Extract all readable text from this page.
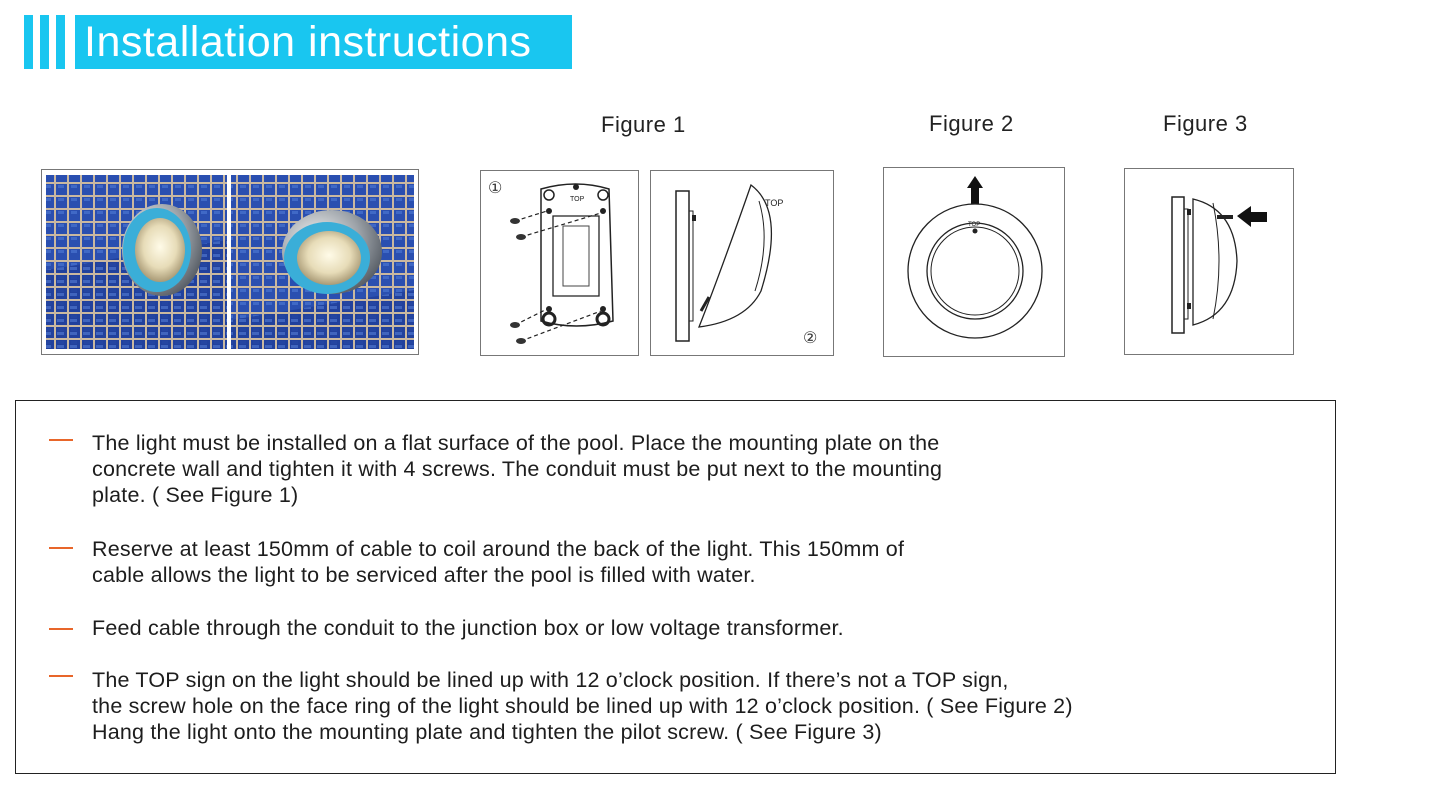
Installation instructions
Figure 1	Figure 2	Figure 3
①
TOP	TOP
②
TOP

The light must be installed on a flat surface of the pool. Place the mounting plate on the

concrete wall and tighten it with 4 screws. The conduit must be put next to the mounting

plate. ( See Figure 1)

Reserve at least 150mm of cable to coil around the back of the light. This 150mm of

cable allows the light to be serviced after the pool is filled with water.

Feed cable through the conduit to the junction box or low voltage transformer.

The TOP sign on the light should be lined up with 12 o’clock position. If there’s not a TOP sign,

the screw hole on the face ring of the light should be lined up with 12 o’clock position. ( See Figure 2)

Hang the light onto the mounting plate and tighten the pilot screw. ( See Figure 3)
